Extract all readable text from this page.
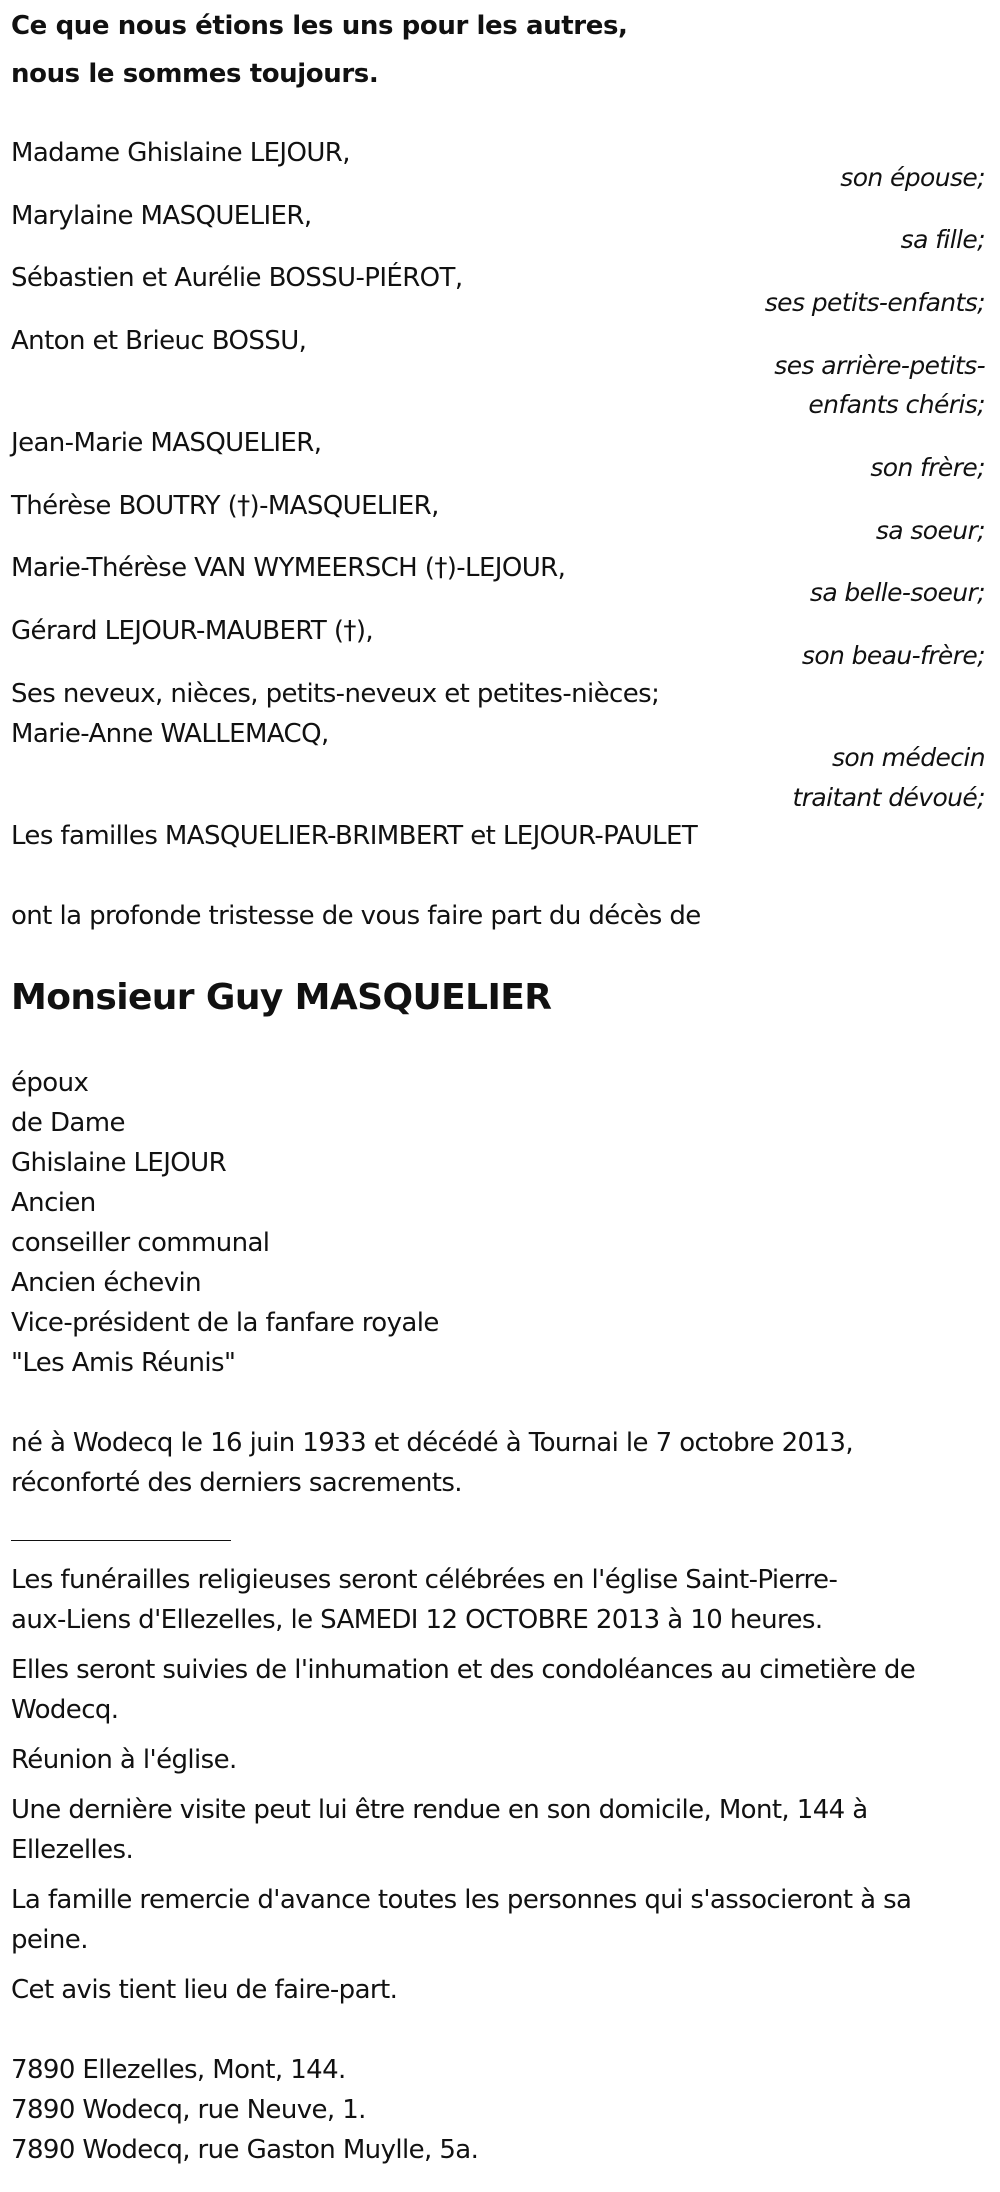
Ce que nous étions les uns pour les autres,
nous le sommes toujours.
Madame Ghislaine LEJOUR,
son épouse;
Marylaine MASQUELIER,
sa fille;
Sébastien et Aurélie BOSSU-PIÉROT,
ses petits-enfants;
Anton et Brieuc BOSSU,
ses arrière-petits-
enfants chéris;
Jean-Marie MASQUELIER,
son frère;
Thérèse BOUTRY (†)-MASQUELIER,
sa soeur;
Marie-Thérèse VAN WYMEERSCH (†)-LEJOUR,
sa belle-soeur;
Gérard LEJOUR-MAUBERT (†),
son beau-frère;
Ses neveux, nièces, petits-neveux et petites-nièces;
Marie-Anne WALLEMACQ,
son médecin
traitant dévoué;
Les familles MASQUELIER-BRIMBERT et LEJOUR-PAULET
ont la profonde tristesse de vous faire part du décès de
Monsieur Guy MASQUELIER
époux
de Dame
Ghislaine LEJOUR
Ancien
conseiller communal
Ancien échevin
Vice-président de la fanfare royale
"Les Amis Réunis"
né à Wodecq le 16 juin 1933 et décédé à Tournai le 7 octobre 2013,
réconforté des derniers sacrements.
Les funérailles religieuses seront célébrées en l'église Saint-Pierre-
aux-Liens d'Ellezelles, le SAMEDI 12 OCTOBRE 2013 à 10 heures.
Elles seront suivies de l'inhumation et des condoléances au cimetière de
Wodecq.
Réunion à l'église.
Une dernière visite peut lui être rendue en son domicile, Mont, 144 à
Ellezelles.
La famille remercie d'avance toutes les personnes qui s'associeront à sa
peine.
Cet avis tient lieu de faire-part.
7890 Ellezelles, Mont, 144.
7890 Wodecq, rue Neuve, 1.
7890 Wodecq, rue Gaston Muylle, 5a.
